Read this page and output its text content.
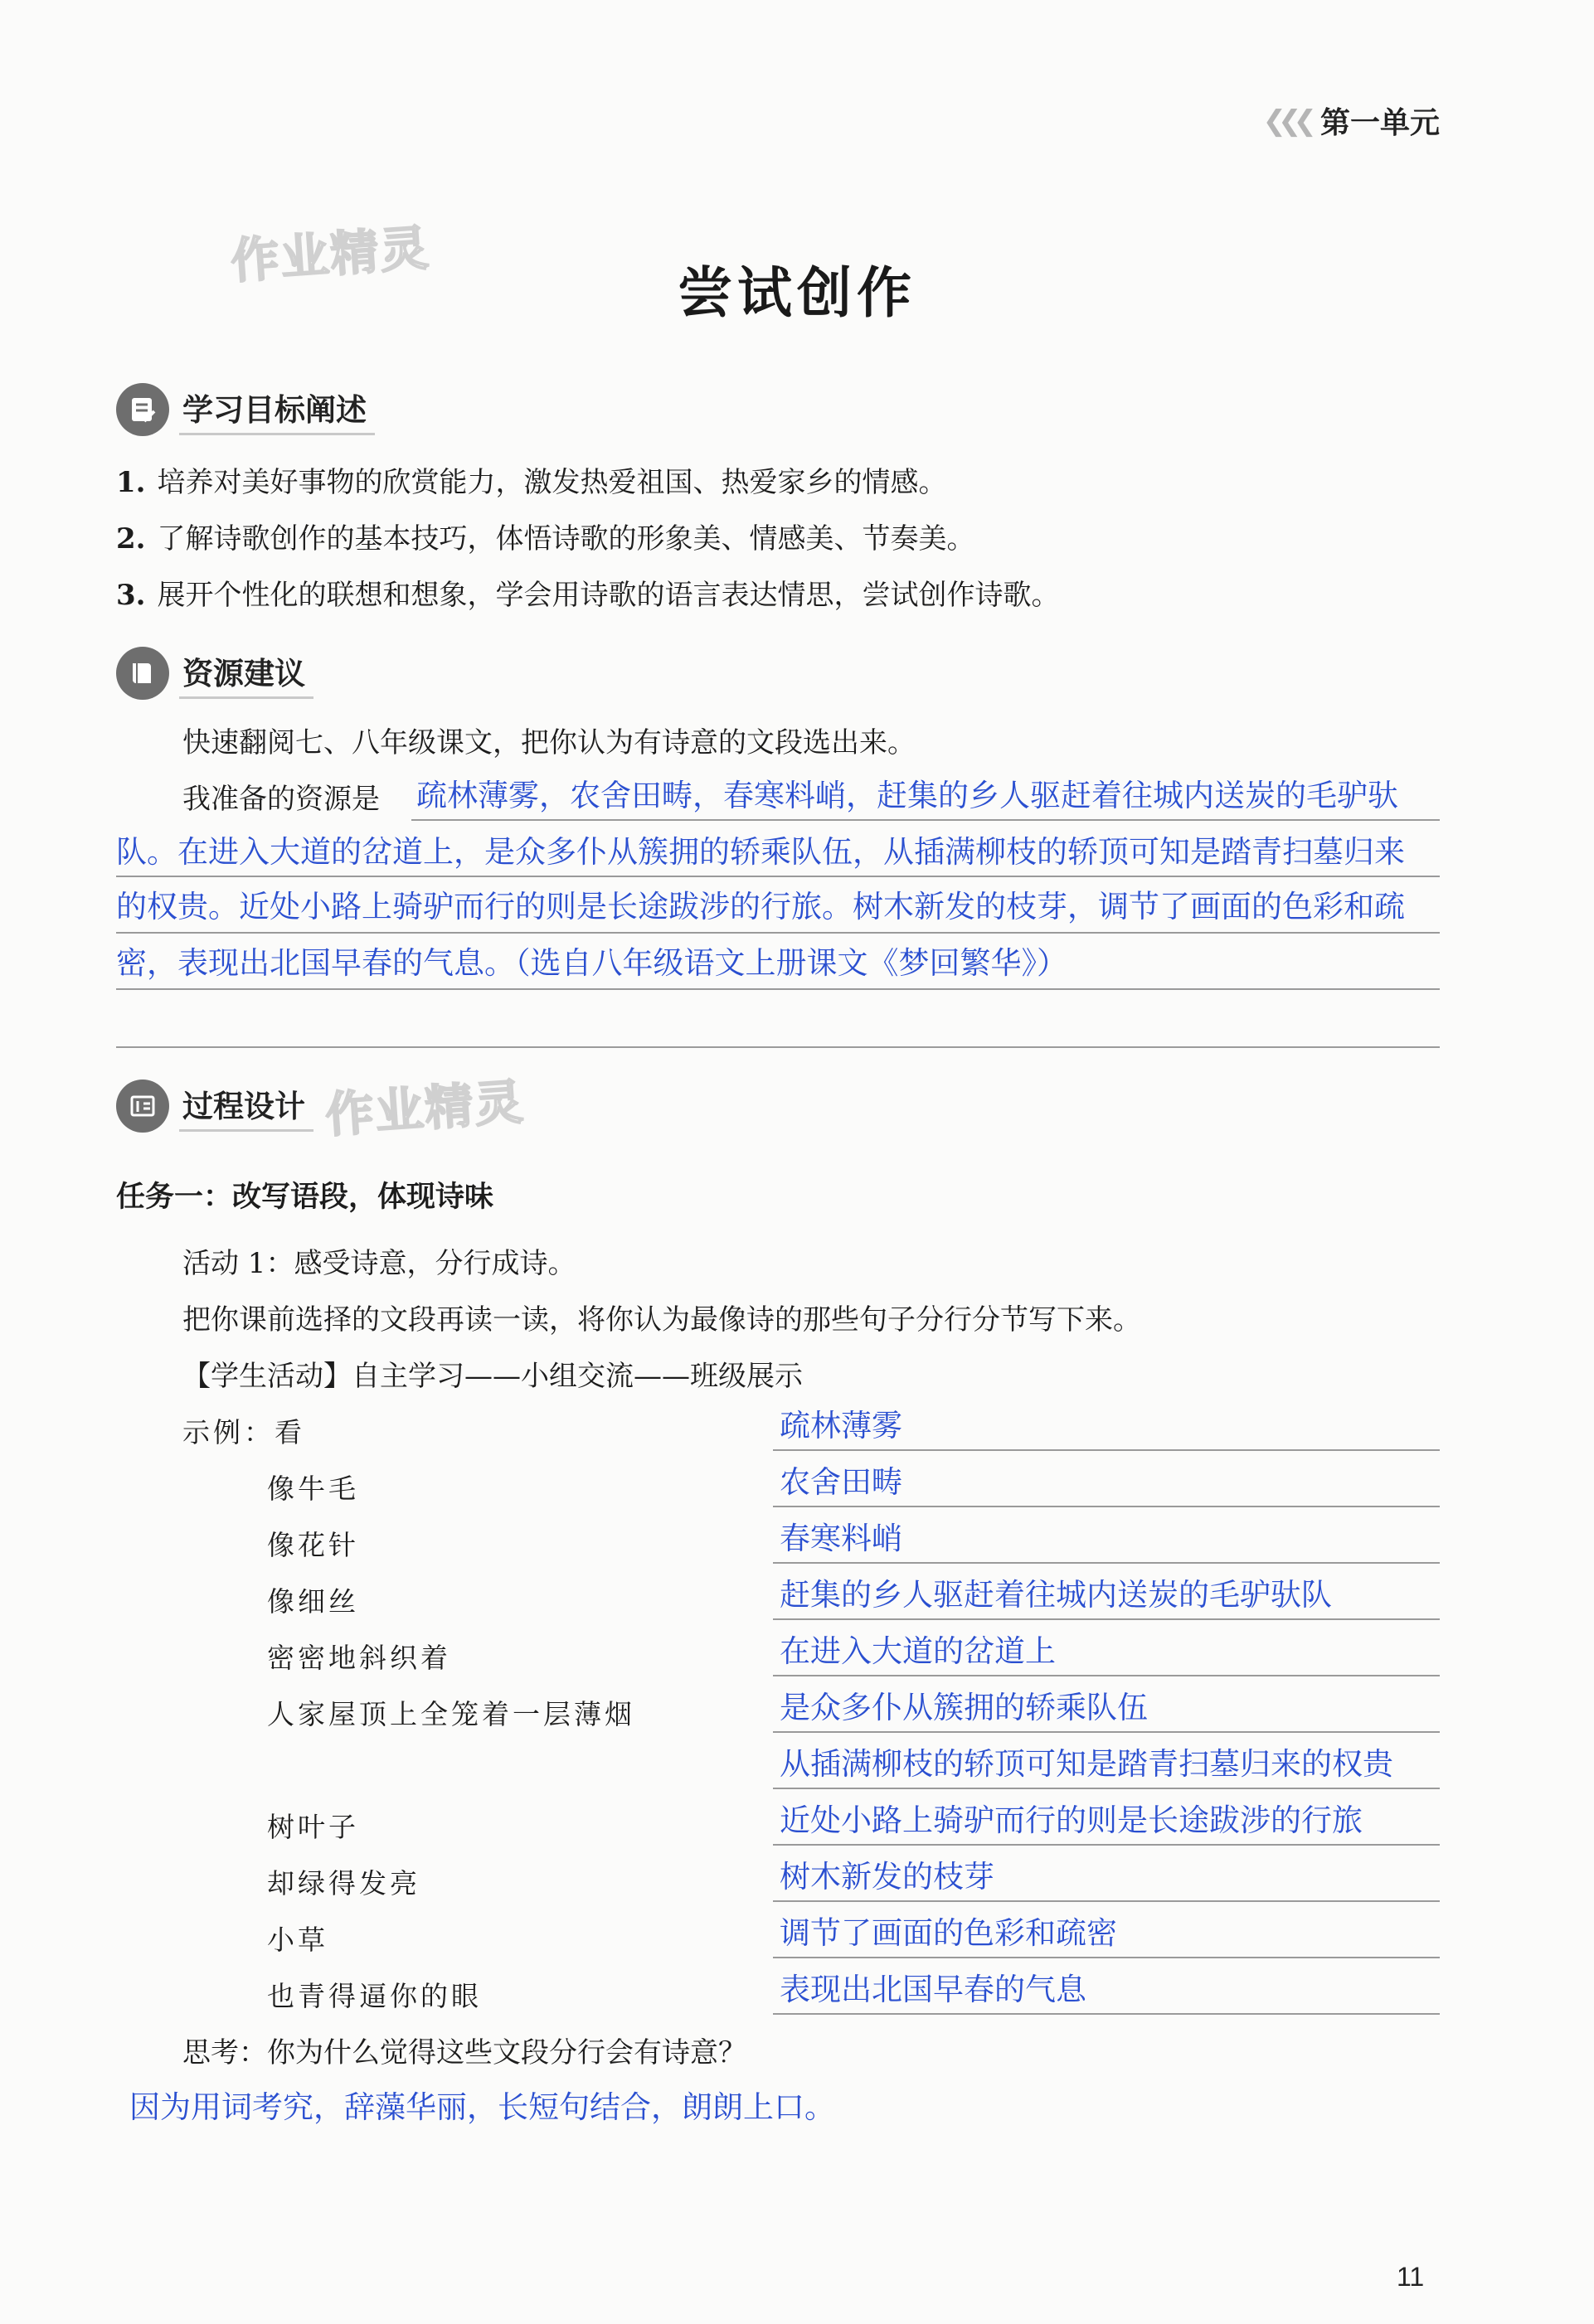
❮❮❮ 第一单元
作业精灵
作业精灵
尝试创作
学习目标阐述
1. 培养对美好事物的欣赏能力，激发热爱祖国、热爱家乡的情感。
2. 了解诗歌创作的基本技巧，体悟诗歌的形象美、情感美、节奏美。
3. 展开个性化的联想和想象，学会用诗歌的语言表达情思，尝试创作诗歌。
资源建议
快速翻阅七、八年级课文，把你认为有诗意的文段选出来。
我准备的资源是 疏林薄雾，农舍田畴，春寒料峭，赶集的乡人驱赶着往城内送炭的毛驴驮
队。在进入大道的岔道上，是众多仆从簇拥的轿乘队伍，从插满柳枝的轿顶可知是踏青扫墓归来
的权贵。近处小路上骑驴而行的则是长途跋涉的行旅。树木新发的枝芽，调节了画面的色彩和疏
密，表现出北国早春的气息。（选自八年级语文上册课文《梦回繁华》）
过程设计
任务一：改写语段，体现诗味
活动 1：感受诗意，分行成诗。
把你课前选择的文段再读一读，将你认为最像诗的那些句子分行分节写下来。
【学生活动】自主学习——小组交流——班级展示
示例：看
像牛毛
像花针
像细丝
密密地斜织着
人家屋顶上全笼着一层薄烟
树叶子
却绿得发亮
小草
也青得逼你的眼
疏林薄雾
农舍田畴
春寒料峭
赶集的乡人驱赶着往城内送炭的毛驴驮队
在进入大道的岔道上
是众多仆从簇拥的轿乘队伍
从插满柳枝的轿顶可知是踏青扫墓归来的权贵
近处小路上骑驴而行的则是长途跋涉的行旅
树木新发的枝芽
调节了画面的色彩和疏密
表现出北国早春的气息
思考：你为什么觉得这些文段分行会有诗意？
因为用词考究，辞藻华丽，长短句结合，朗朗上口。
11
